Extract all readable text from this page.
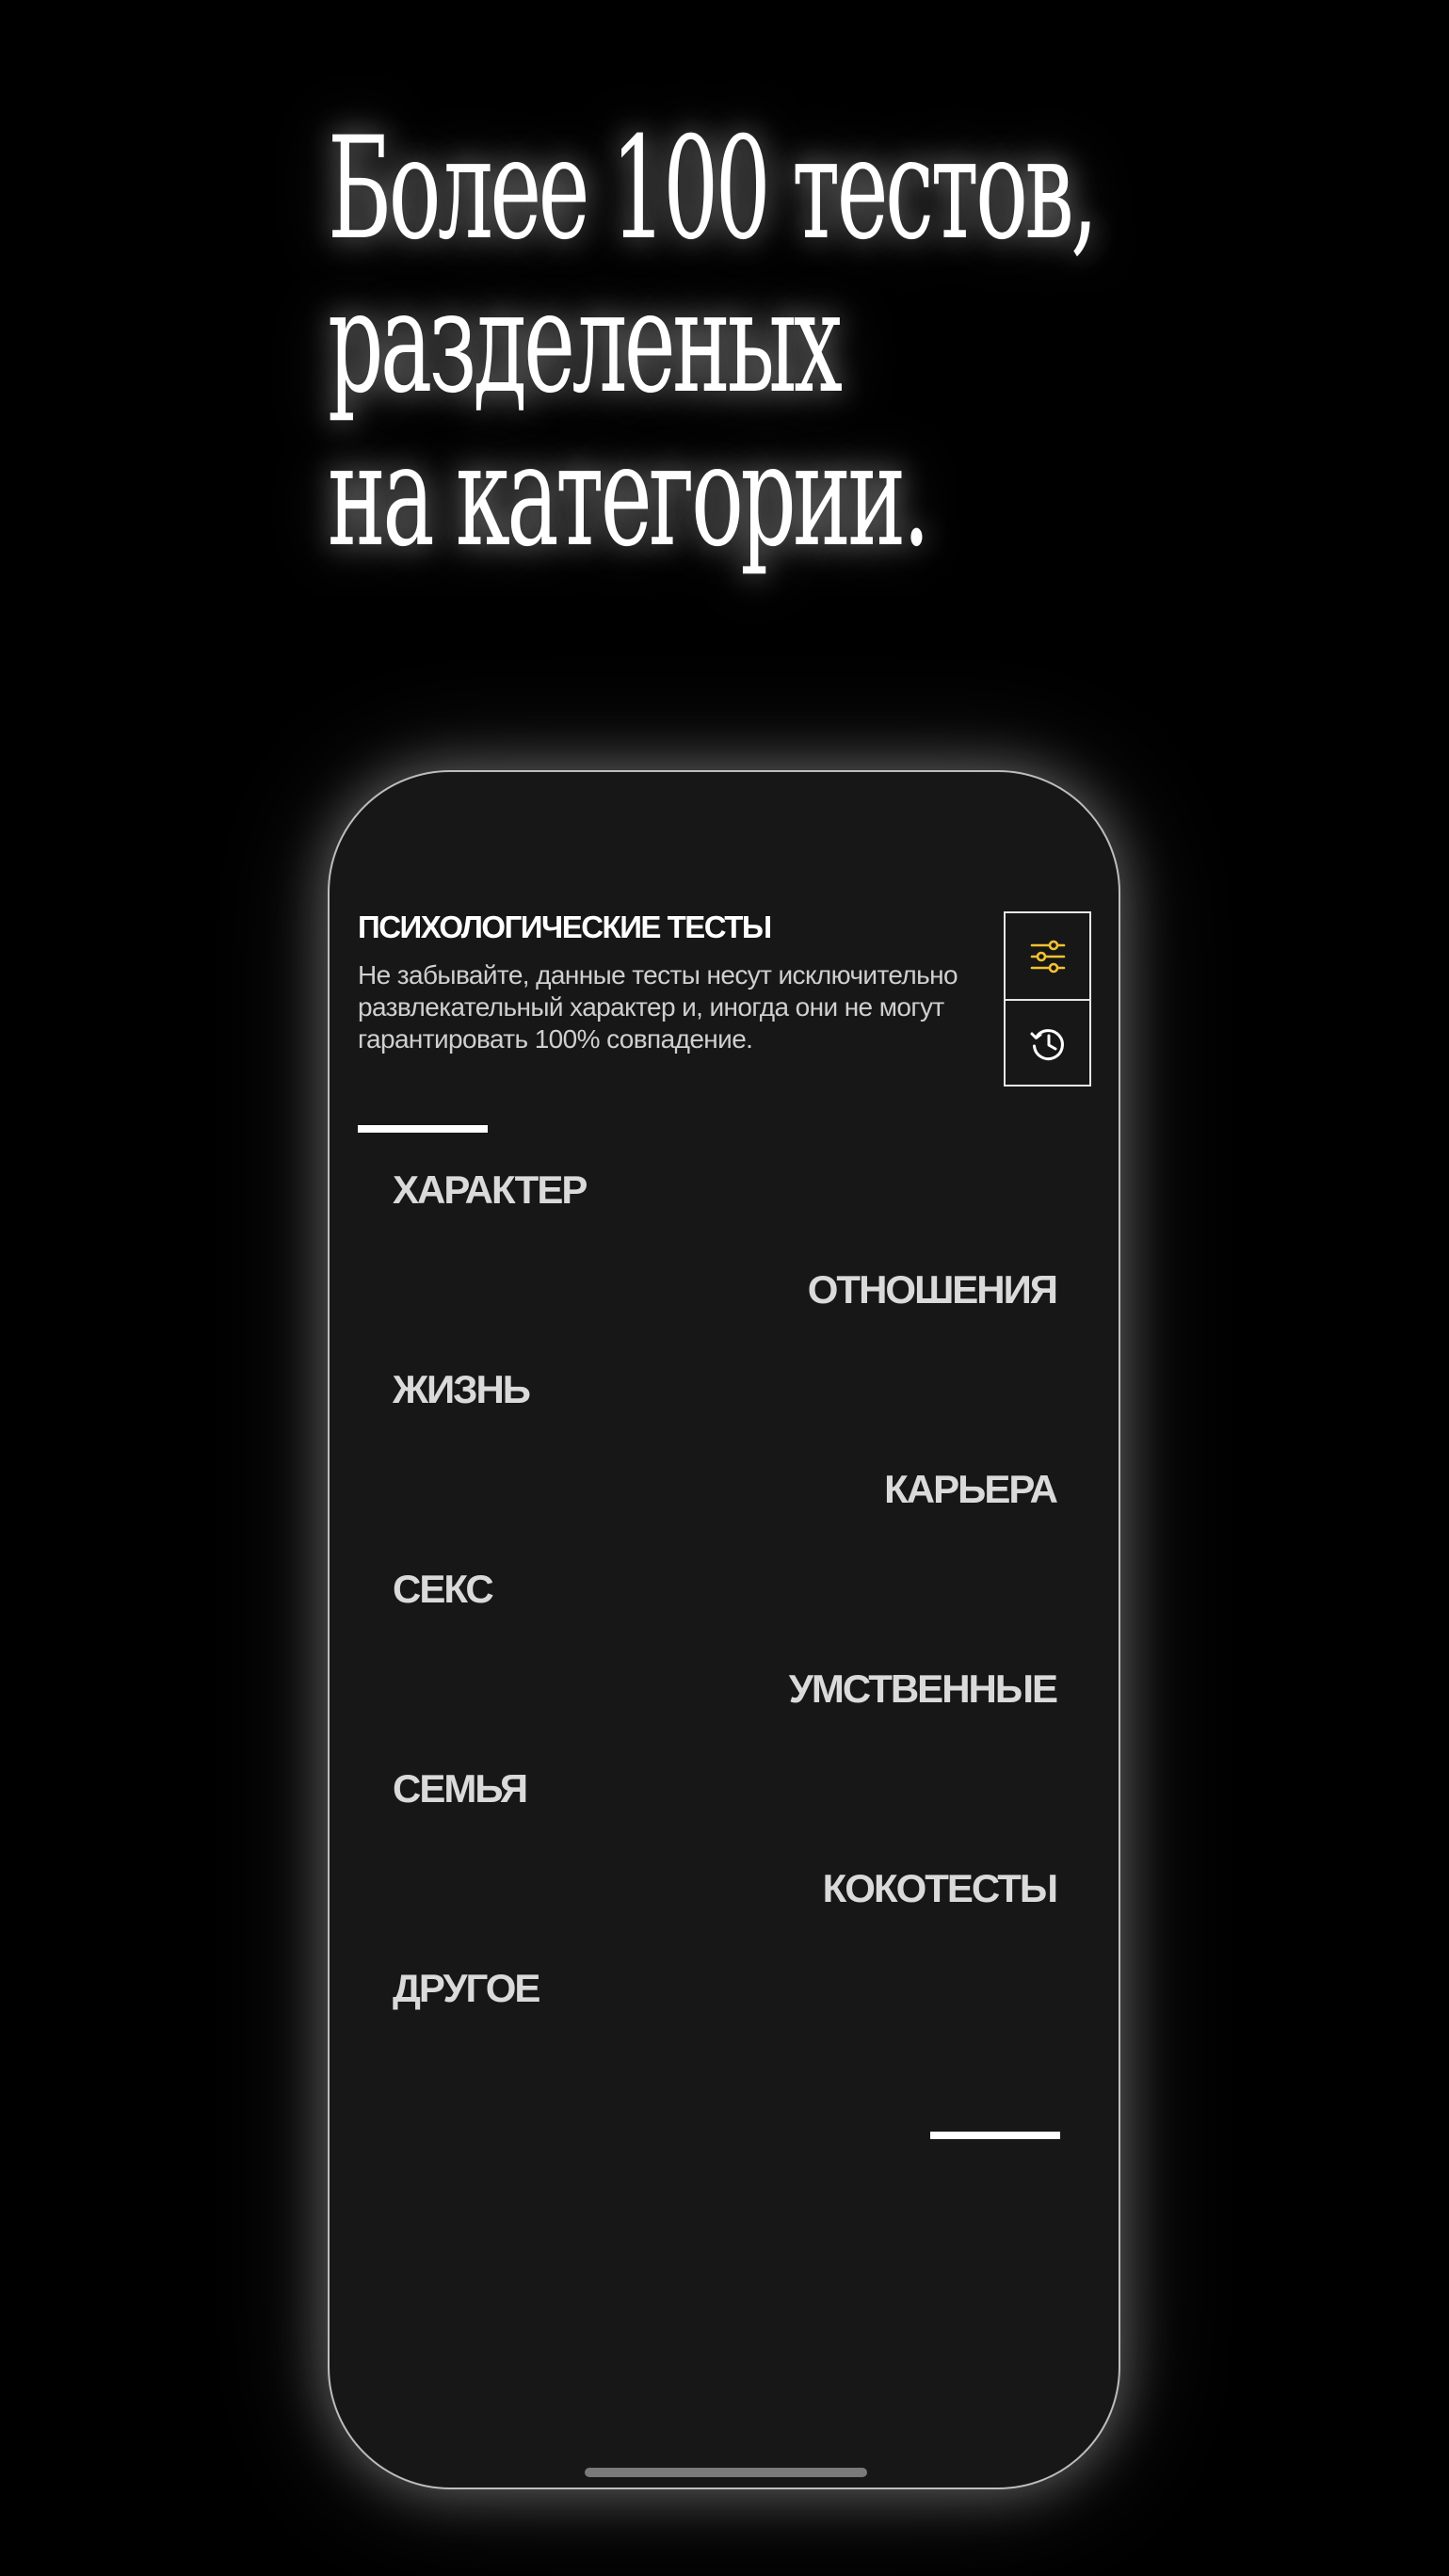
Более 100 тестов,
разделеных
на категории.
ПСИХОЛОГИЧЕСКИЕ ТЕСТЫ

Не забывайте, данные тесты несут исключительно развлекательный характер и, иногда они не могут гарантировать 100% совпадение.

ХАРАКТЕР
ОТНОШЕНИЯ
ЖИЗНЬ
КАРЬЕРА
СЕКС
УМСТВЕННЫЕ
СЕМЬЯ
КОКОТЕСТЫ
ДРУГОЕ
